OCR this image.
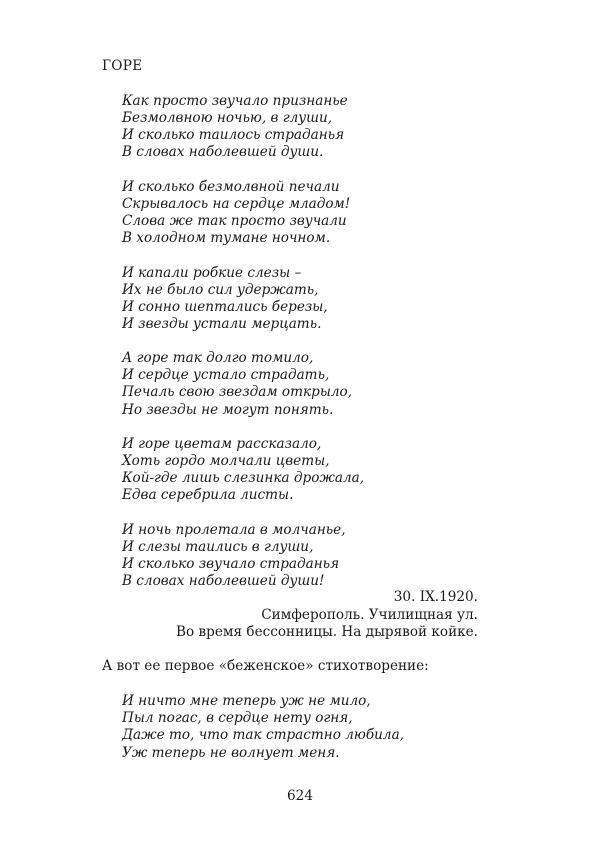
ГОРЕ
Как просто звучало признанье
Безмолвною ночью, в глуши,
И сколько таилось страданья
В словах наболевшей души.
И сколько безмолвной печали
Скрывалось на сердце младом!
Слова же так просто звучали
В холодном тумане ночном.
И капали робкие слезы –
Их не было сил удержать,
И сонно шептались березы,
И звезды устали мерцать.
А горе так долго томило,
И сердце устало страдать,
Печаль свою звездам открыло,
Но звезды не могут понять.
И горе цветам рассказало,
Хоть гордо молчали цветы,
Кой-где лишь слезинка дрожала,
Едва серебрила листы.
И ночь пролетала в молчанье,
И слезы таились в глуши,
И сколько звучало страданья
В словах наболевшей души!
30. IX.1920.
Симферополь. Училищная ул.
Во время бессонницы. На дырявой койке.
А вот ее первое «беженское» стихотворение:
И ничто мне теперь уж не мило,
Пыл погас, в сердце нету огня,
Даже то, что так страстно любила,
Уж теперь не волнует меня.
624
